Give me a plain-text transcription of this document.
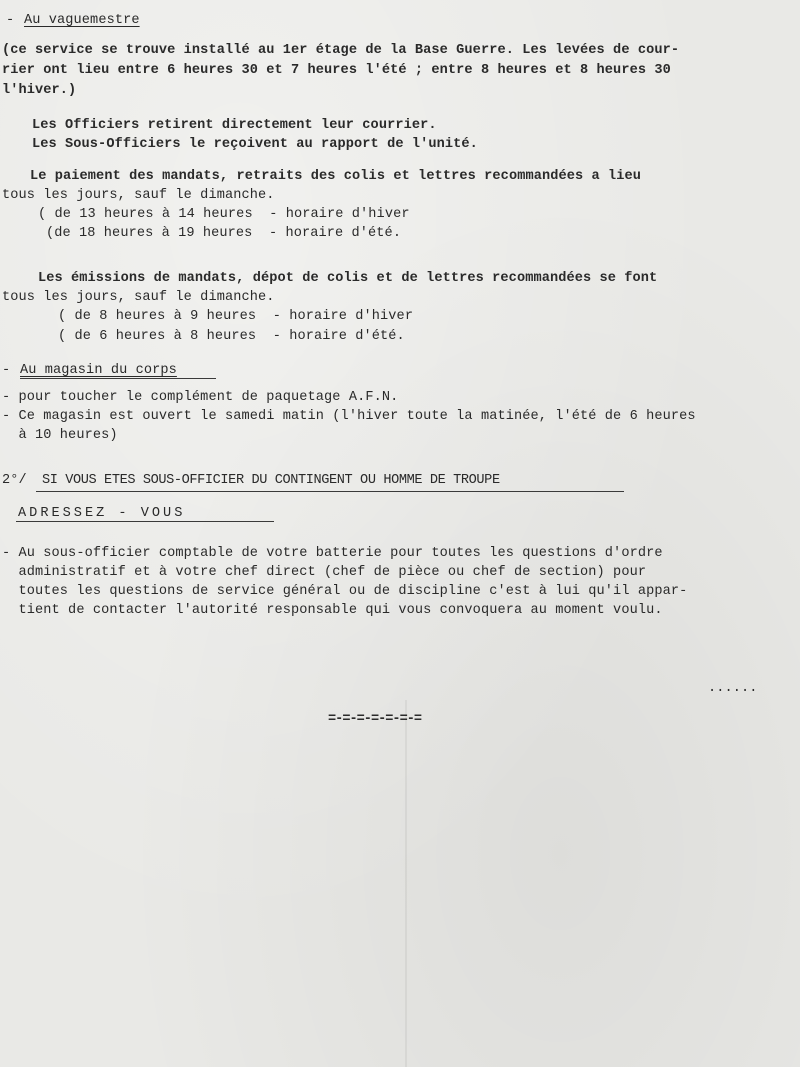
- Au vaguemestre
(ce service se trouve installé au 1er étage de la Base Guerre. Les levées de cour-
rier ont lieu entre 6 heures 30 et 7 heures l'été ; entre 8 heures et 8 heures 30
l'hiver.)
Les Officiers retirent directement leur courrier.
Les Sous-Officiers le reçoivent au rapport de l'unité.
Le paiement des mandats, retraits des colis et lettres recommandées a lieu
tous les jours, sauf le dimanche.
( de 13 heures à 14 heures  - horaire d'hiver
(de 18 heures à 19 heures  - horaire d'été.
Les émissions de mandats, dépot de colis et de lettres recommandées se font
tous les jours, sauf le dimanche.
( de 8 heures à 9 heures  - horaire d'hiver
( de 6 heures à 8 heures  - horaire d'été.
- Au magasin du corps
- pour toucher le complément de paquetage A.F.N.
- Ce magasin est ouvert le samedi matin (l'hiver toute la matinée, l'été de 6 heures
à 10 heures)
2°/ SI VOUS ETES SOUS-OFFICIER DU CONTINGENT OU HOMME DE TROUPE
ADRESSEZ - VOUS
- Au sous-officier comptable de votre batterie pour toutes les questions d'ordre
administratif et à votre chef direct (chef de pièce ou chef de section) pour
toutes les questions de service général ou de discipline c'est à lui qu'il appar-
tient de contacter l'autorité responsable qui vous convoquera au moment voulu.
......
=-=-=-=-=-=-=
